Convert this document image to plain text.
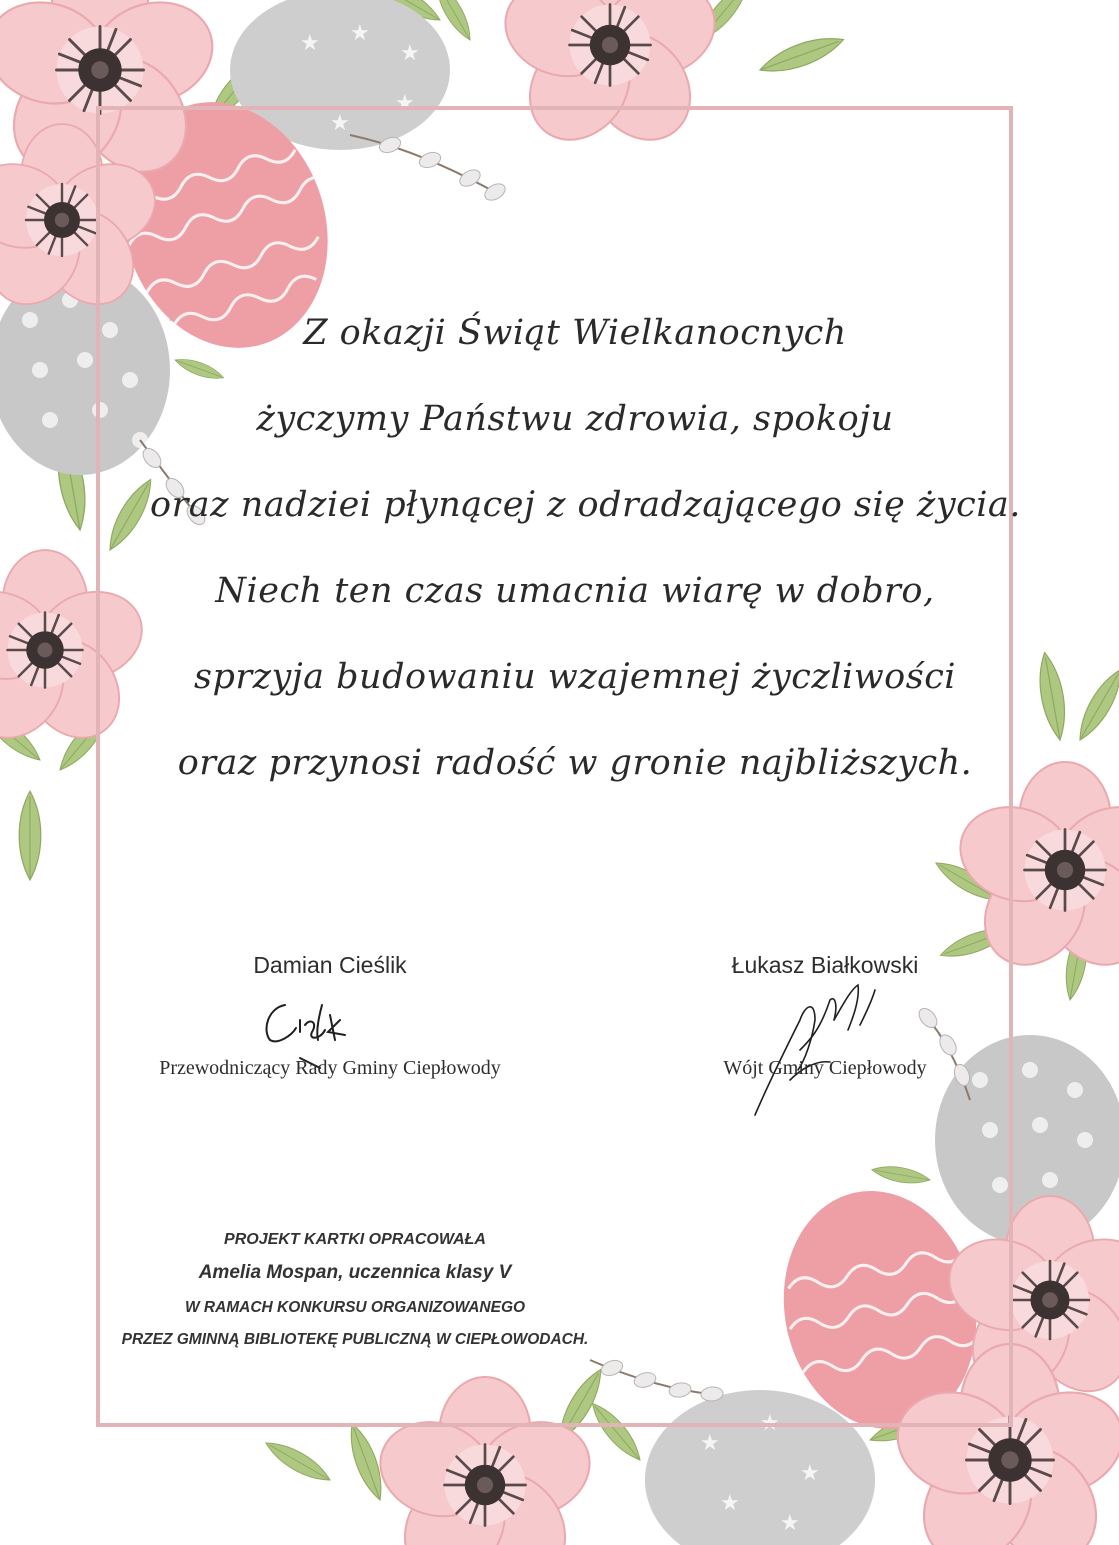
★ ★
★
★
★
★
★
★
★
★
Z okazji Świąt Wielkanocnych
życzymy Państwu zdrowia, spokoju
oraz nadziei płynącej z odradzającego się życia.
Niech ten czas umacnia wiarę w dobro,
sprzyja budowaniu wzajemnej życzliwości
oraz przynosi radość w gronie najbliższych.
Damian Cieślik
Przewodniczący Rady Gminy Ciepłowody
Łukasz Białkowski
Wójt Gminy Ciepłowody
PROJEKT KARTKI OPRACOWAŁA
Amelia Mospan, uczennica klasy V
W RAMACH KONKURSU ORGANIZOWANEGO
PRZEZ GMINNĄ BIBLIOTEKĘ PUBLICZNĄ W CIEPŁOWODACH.
